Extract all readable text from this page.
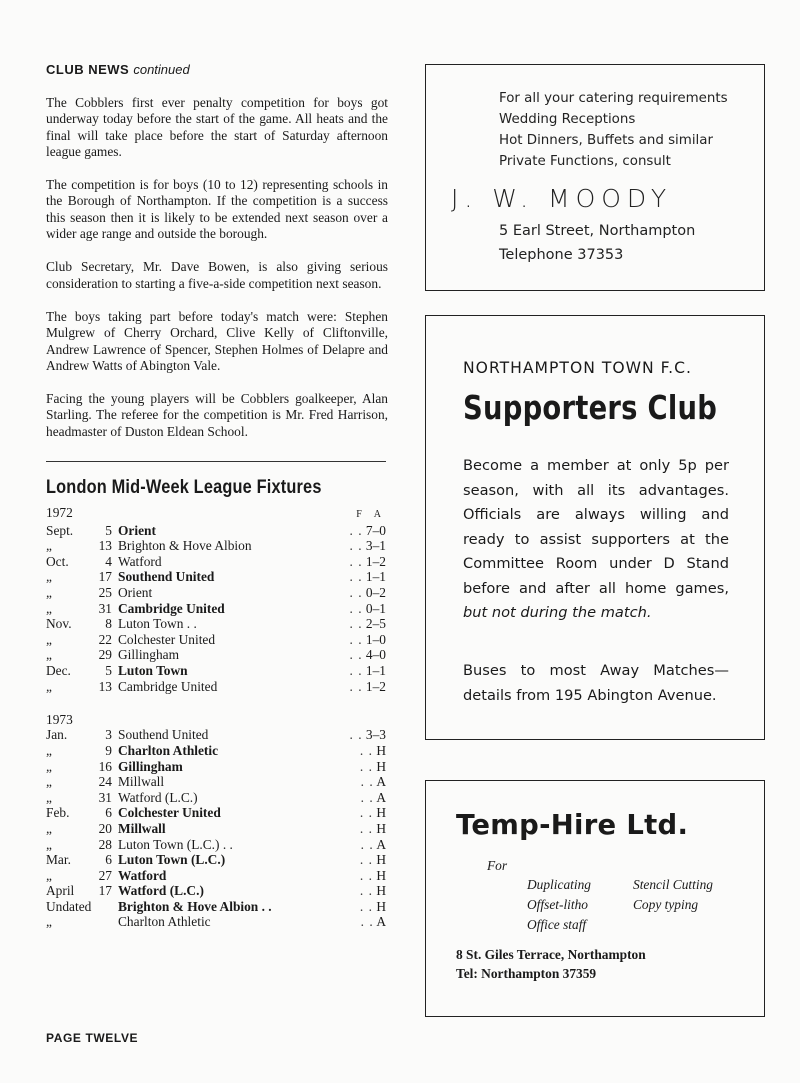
CLUB NEWS continued

The Cobblers first ever penalty competition for boys got underway today before the start of the game. All heats and the final will take place before the start of Saturday afternoon league games.

The competition is for boys (10 to 12) representing schools in the Borough of Northampton. If the competition is a success this season then it is likely to be extended next season over a wider age range and outside the borough.

Club Secretary, Mr. Dave Bowen, is also giving serious consideration to starting a five-a-side competition next season.

The boys taking part before today's match were: Stephen Mulgrew of Cherry Orchard, Clive Kelly of Cliftonville, Andrew Lawrence of Spencer, Stephen Holmes of Delapre and Andrew Watts of Abington Vale.

Facing the young players will be Cobblers goalkeeper, Alan Starling. The referee for the competition is Mr. Fred Harrison, headmaster of Duston Eldean School.

London Mid-Week League Fixtures
1972			F A
Sept.	5	Orient	. . 7–0
„	13	Brighton & Hove Albion	. . 3–1
Oct.	4	Watford	. . 1–2
„	17	Southend United	. . 1–1
„	25	Orient	. . 0–2
„	31	Cambridge United	. . 0–1
Nov.	8	Luton Town . .	. . 2–5
„	22	Colchester United	. . 1–0
„	29	Gillingham	. . 4–0
Dec.	5	Luton Town	. . 1–1
„	13	Cambridge United	. . 1–2

1973			
Jan.	3	Southend United	. . 3–3
„	9	Charlton Athletic	. . H
„	16	Gillingham	. . H
„	24	Millwall	. . A
„	31	Watford (L.C.)	. . A
Feb.	6	Colchester United	. . H
„	20	Millwall	. . H
„	28	Luton Town (L.C.) . .	. . A
Mar.	6	Luton Town (L.C.)	. . H
„	27	Watford	. . H
April	17	Watford (L.C.)	. . H
Undated		Brighton & Hove Albion . .	. . H
„		Charlton Athletic	. . A
PAGE TWELVE
For all your catering requirements
Wedding Receptions
Hot Dinners, Buffets and similar
Private Functions, consult
J. W. MOODY
5 Earl Street, Northampton
Telephone 37353
NORTHAMPTON TOWN F.C.
Supporters Club
Become a member at only 5p per season, with all its advantages. Officials are always willing and ready to assist supporters at the Committee Room under D Stand before and after all home games, but not during the match.
Buses to most Away Matches—details from 195 Abington Avenue.
Temp-Hire Ltd.
For
Duplicating
Offset-litho
Office staff
Stencil Cutting
Copy typing
8 St. Giles Terrace, Northampton
Tel: Northampton 37359
